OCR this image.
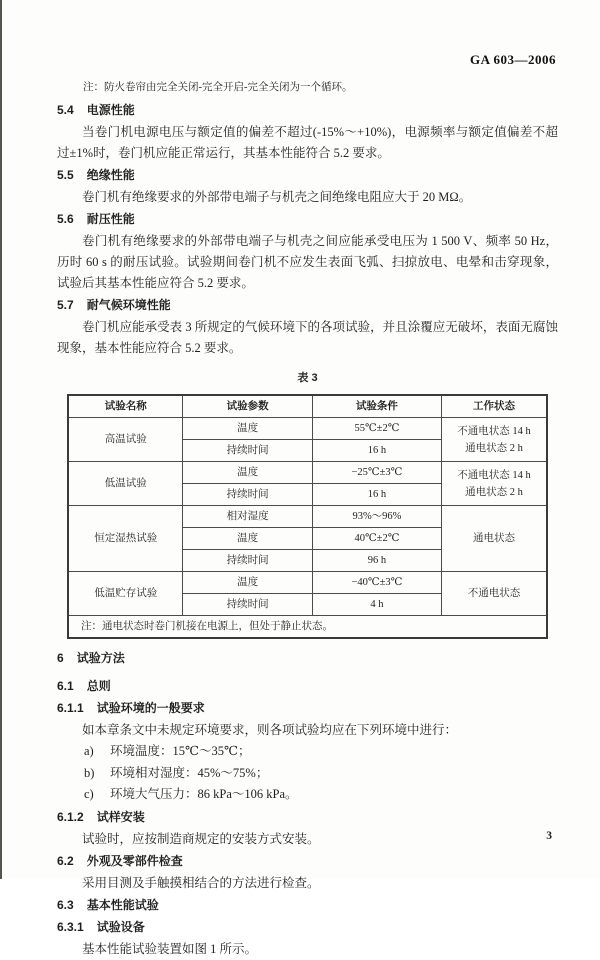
GA 603—2006
注：防火卷帘由完全关闭-完全开启-完全关闭为一个循环。
5.4 电源性能

当卷门机电源电压与额定值的偏差不超过(-15%～+10%)，电源频率与额定值偏差不超过±1%时，卷门机应能正常运行，其基本性能符合 5.2 要求。

5.5 绝缘性能

卷门机有绝缘要求的外部带电端子与机壳之间绝缘电阻应大于 20 MΩ。

5.6 耐压性能

卷门机有绝缘要求的外部带电端子与机壳之间应能承受电压为 1 500 V、频率 50 Hz，历时 60 s 的耐压试验。试验期间卷门机不应发生表面飞弧、扫掠放电、电晕和击穿现象，试验后其基本性能应符合 5.2 要求。

5.7 耐气候环境性能

卷门机应能承受表 3 所规定的气候环境下的各项试验，并且涂覆应无破坏，表面无腐蚀现象，基本性能应符合 5.2 要求。

表 3
试验名称	试验参数	试验条件	工作状态
高温试验	温度	55℃±2℃	不通电状态 14 h
通电状态 2 h

	持续时间	16 h	
低温试验	温度	−25℃±3℃	不通电状态 14 h
通电状态 2 h

	持续时间	16 h	
恒定湿热试验	相对湿度	93%～96%	通电状态

	温度	40℃±2℃	
	持续时间	96 h	
低温贮存试验	温度	−40℃±3℃	不通电状态

	持续时间	4 h	
注：通电状态时卷门机接在电源上，但处于静止状态。			
6 试验方法
6.1 总则
6.1.1 试验环境的一般要求

如本章条文中未规定环境要求，则各项试验均应在下列环境中进行：

a)	环境温度：15℃～35℃；
b)	环境相对湿度：45%～75%；
c)	环境大气压力：86 kPa～106 kPa。
6.1.2 试样安装

试验时，应按制造商规定的安装方式安装。

6.2 外观及零部件检查

采用目测及手触摸相结合的方法进行检查。

6.3 基本性能试验
6.3.1 试验设备

基本性能试验装置如图 1 所示。

3
